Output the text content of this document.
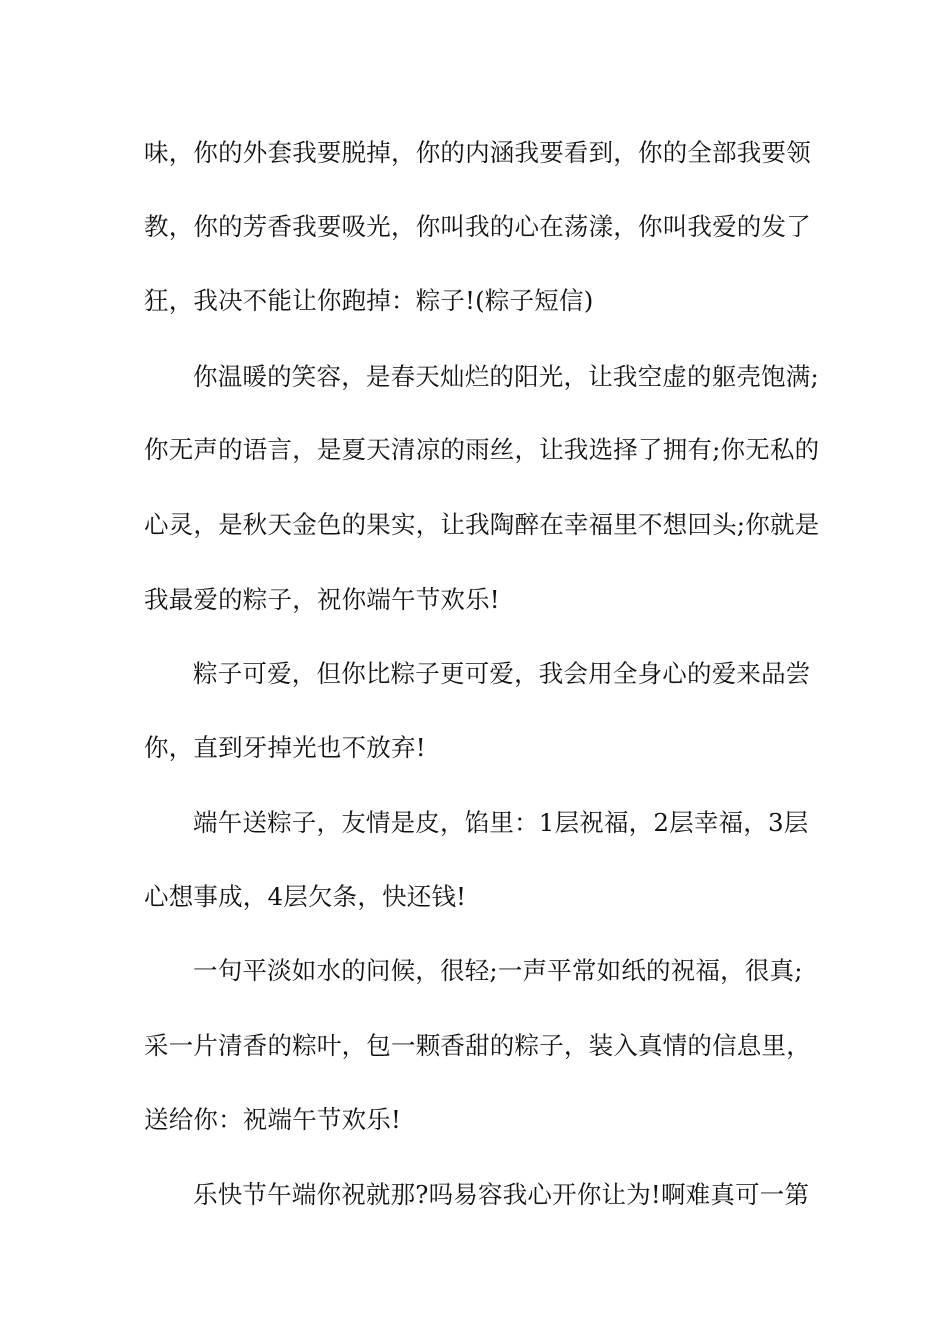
味，你的外套我要脱掉，你的内涵我要看到，你的全部我要领
教，你的芳香我要吸光，你叫我的心在荡漾，你叫我爱的发了
狂，我决不能让你跑掉：粽子!(粽子短信)
你温暖的笑容，是春天灿烂的阳光，让我空虚的躯壳饱满;
你无声的语言，是夏天清凉的雨丝，让我选择了拥有;你无私的
心灵，是秋天金色的果实，让我陶醉在幸福里不想回头;你就是
我最爱的粽子，祝你端午节欢乐!
粽子可爱，但你比粽子更可爱，我会用全身心的爱来品尝
你，直到牙掉光也不放弃!
端午送粽子，友情是皮，馅里：1层祝福，2层幸福，3层
心想事成，4层欠条，快还钱!
一句平淡如水的问候，很轻;一声平常如纸的祝福，很真;
采一片清香的粽叶，包一颗香甜的粽子，装入真情的信息里，
送给你：祝端午节欢乐!
乐快节午端你祝就那?吗易容我心开你让为!啊难真可一第
